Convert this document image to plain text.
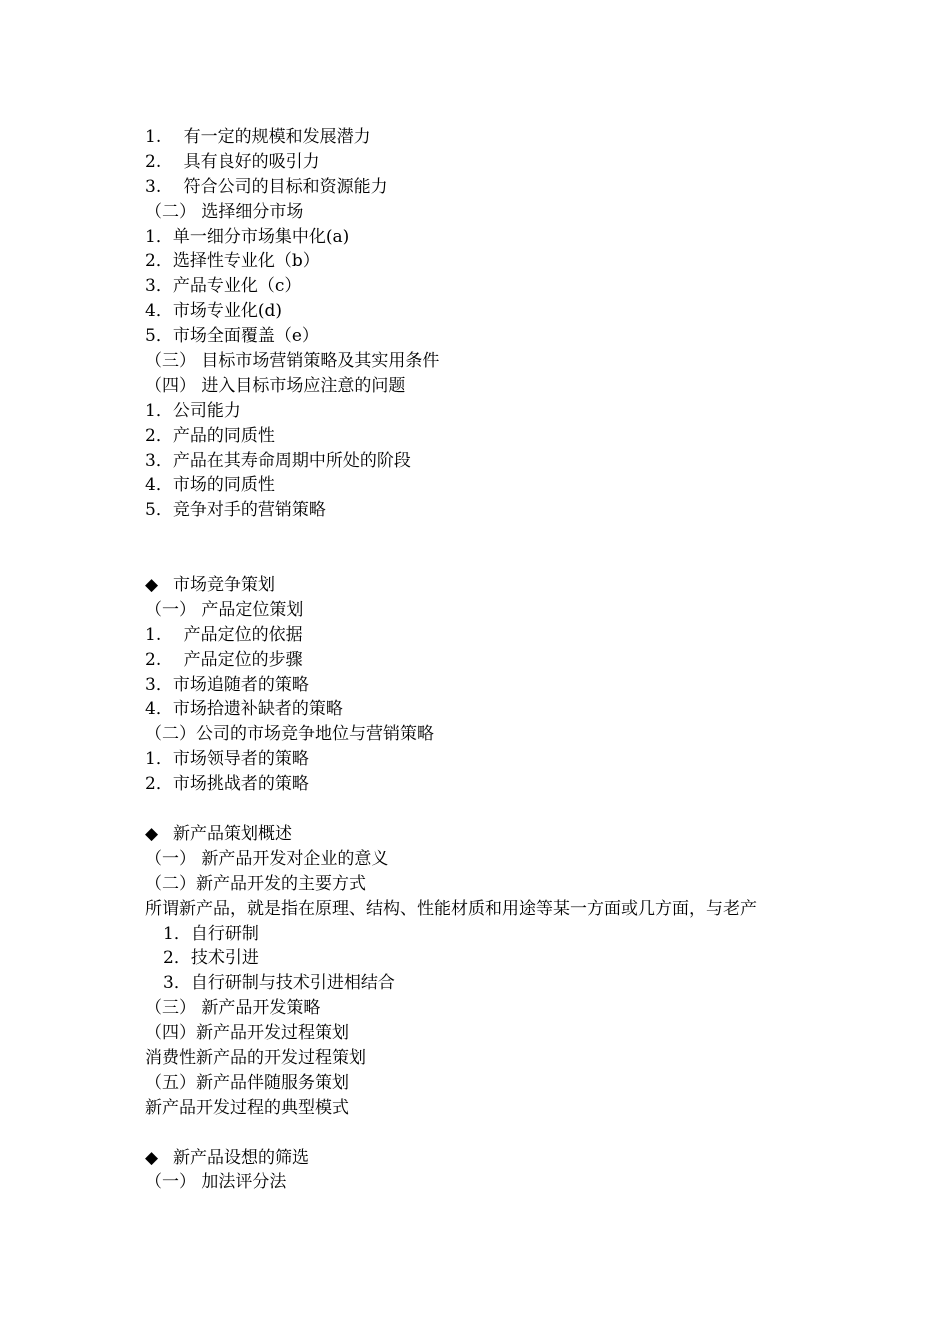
1.　 有一定的规模和发展潜力

2.　 具有良好的吸引力

3.　 符合公司的目标和资源能力

（二） 选择细分市场

1．单一细分市场集中化(a)

2．选择性专业化（b）

3．产品专业化（c）

4．市场专业化(d)

5．市场全面覆盖（e）

（三） 目标市场营销策略及其实用条件

（四） 进入目标市场应注意的问题

1．公司能力

2．产品的同质性

3．产品在其寿命周期中所处的阶段

4．市场的同质性

5．竞争对手的营销策略

◆ 市场竞争策划

（一） 产品定位策划

1.　 产品定位的依据

2.　 产品定位的步骤

3．市场追随者的策略

4．市场拾遗补缺者的策略

（二）公司的市场竞争地位与营销策略

1．市场领导者的策略

2．市场挑战者的策略

◆ 新产品策划概述

（一） 新产品开发对企业的意义

（二）新产品开发的主要方式

所谓新产品，就是指在原理、结构、性能材质和用途等某一方面或几方面，与老产

1．自行研制

2．技术引进

3．自行研制与技术引进相结合

（三） 新产品开发策略

（四）新产品开发过程策划

消费性新产品的开发过程策划

（五）新产品伴随服务策划

新产品开发过程的典型模式

◆ 新产品设想的筛选

（一） 加法评分法
